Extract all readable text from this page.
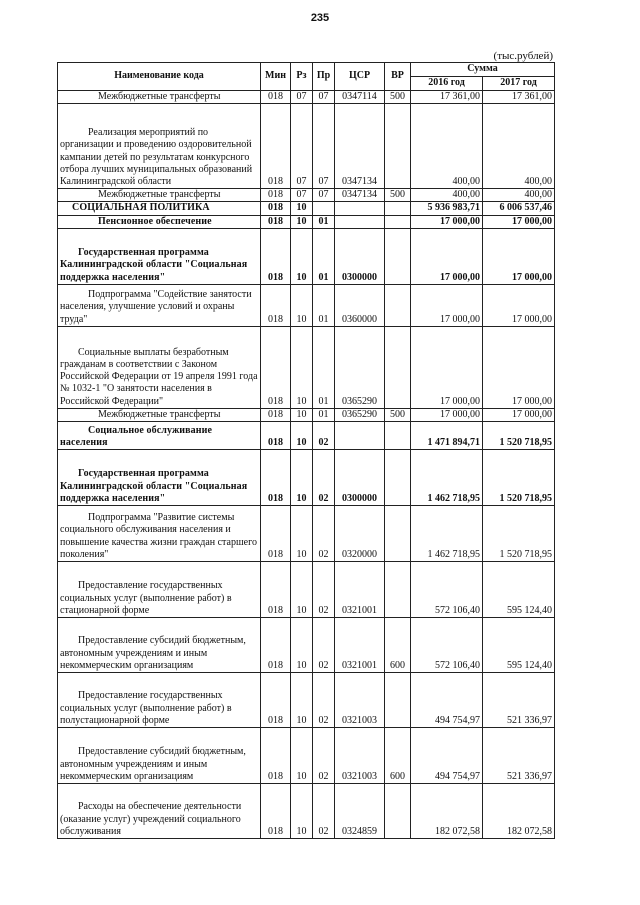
235
(тыс.рублей)
Наименование кода	Мин	Рз	Пр	ЦСР	ВР	Сумма	
						2016 год	2017 год
Межбюджетные трансферты	018	07	07	0347114	500	17 361,00	17 361,00
Реализация мероприятий по организации и проведению оздоровительной кампании детей по результатам конкурсного отбора лучших муниципальных образований Калининградской области	018	07	07	0347134		400,00	400,00
Межбюджетные трансферты	018	07	07	0347134	500	400,00	400,00
СОЦИАЛЬНАЯ ПОЛИТИКА	018	10				5 936 983,71	6 006 537,46
Пенсионное обеспечение	018	10	01			17 000,00	17 000,00
Государственная программа Калининградской области "Социальная поддержка населения"	018	10	01	0300000		17 000,00	17 000,00
Подпрограмма "Содействие занятости населения, улучшение условий и охраны труда"	018	10	01	0360000		17 000,00	17 000,00
Социальные выплаты безработным гражданам в соответствии с Законом Российской Федерации от 19 апреля 1991 года № 1032-1 "О занятости населения в Российской Федерации"	018	10	01	0365290		17 000,00	17 000,00
Межбюджетные трансферты	018	10	01	0365290	500	17 000,00	17 000,00
Социальное обслуживание населения	018	10	02			1 471 894,71	1 520 718,95
Государственная программа Калининградской области "Социальная поддержка населения"	018	10	02	0300000		1 462 718,95	1 520 718,95
Подпрограмма "Развитие системы социального обслуживания населения и повышение качества жизни граждан старшего поколения"	018	10	02	0320000		1 462 718,95	1 520 718,95
Предоставление государственных социальных услуг (выполнение работ) в стационарной форме	018	10	02	0321001		572 106,40	595 124,40
Предоставление субсидий бюджетным, автономным учреждениям и иным некоммерческим организациям	018	10	02	0321001	600	572 106,40	595 124,40
Предоставление государственных социальных услуг (выполнение работ) в полустационарной форме	018	10	02	0321003		494 754,97	521 336,97
Предоставление субсидий бюджетным, автономным учреждениям и иным некоммерческим организациям	018	10	02	0321003	600	494 754,97	521 336,97
Расходы на обеспечение деятельности (оказание услуг) учреждений социального обслуживания	018	10	02	0324859		182 072,58	182 072,58
